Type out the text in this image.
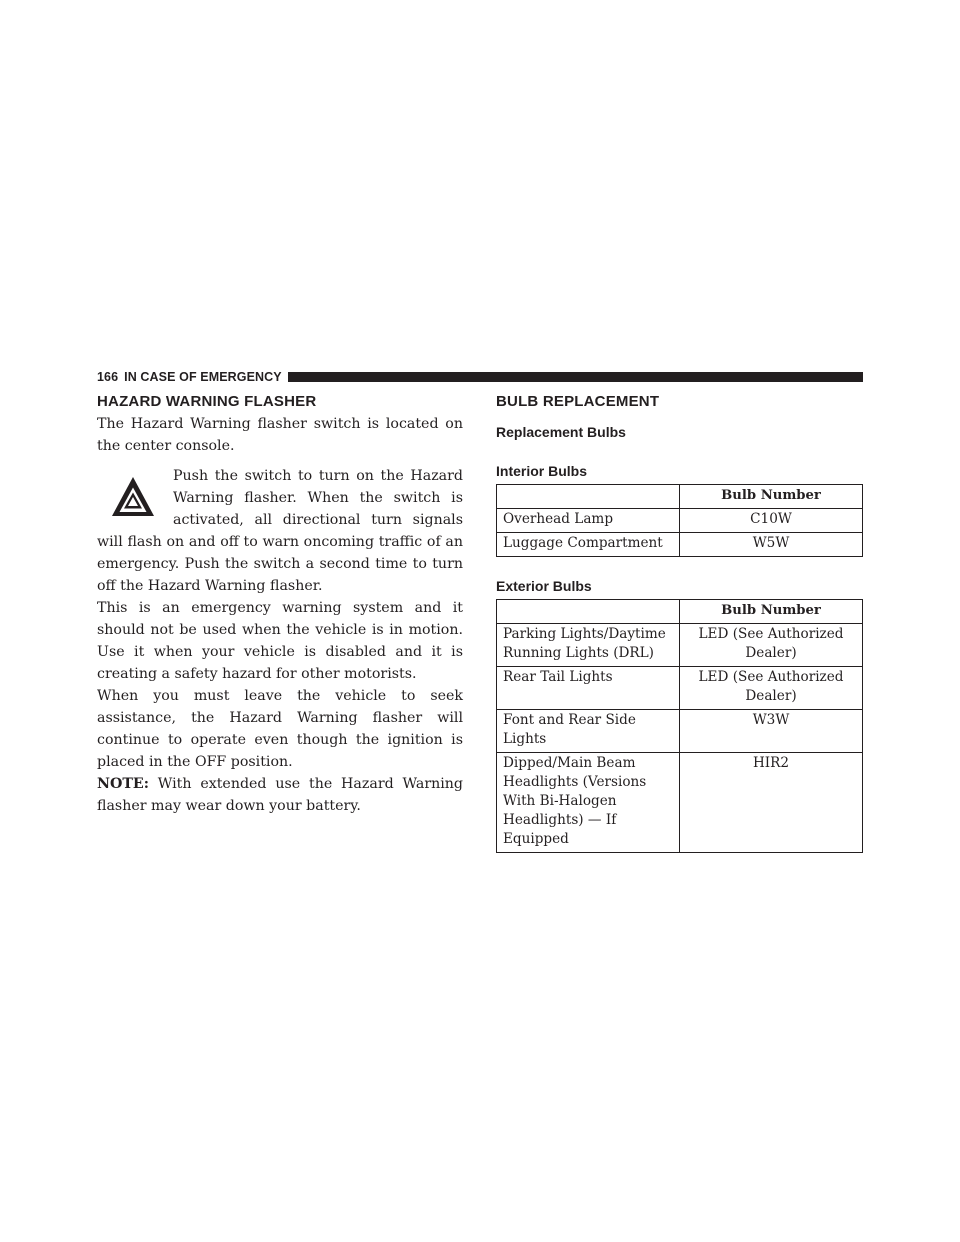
166 IN CASE OF EMERGENCY
HAZARD WARNING FLASHER

The Hazard Warning flasher switch is located on the center console.

Push the switch to turn on the Hazard Warning flasher. When the switch is activated, all directional turn signals will flash on and off to warn oncoming traffic of an emergency. Push the switch a second time to turn off the Hazard Warning flasher.

This is an emergency warning system and it should not be used when the vehicle is in motion. Use it when your vehicle is disabled and it is creating a safety hazard for other motorists.

When you must leave the vehicle to seek assistance, the Hazard Warning flasher will continue to operate even though the ignition is placed in the OFF position.

NOTE: With extended use the Hazard Warning flasher may wear down your battery.

BULB REPLACEMENT
Replacement Bulbs
Interior Bulbs
	Bulb Number
Overhead Lamp	C10W
Luggage Compartment	W5W
Exterior Bulbs
	Bulb Number
Parking Lights/Daytime Running Lights (DRL)	LED (See Authorized Dealer)
Rear Tail Lights	LED (See Authorized Dealer)
Font and Rear Side Lights	W3W
Dipped/Main Beam Headlights (Versions With Bi-Halogen Headlights) — If Equipped	HIR2
